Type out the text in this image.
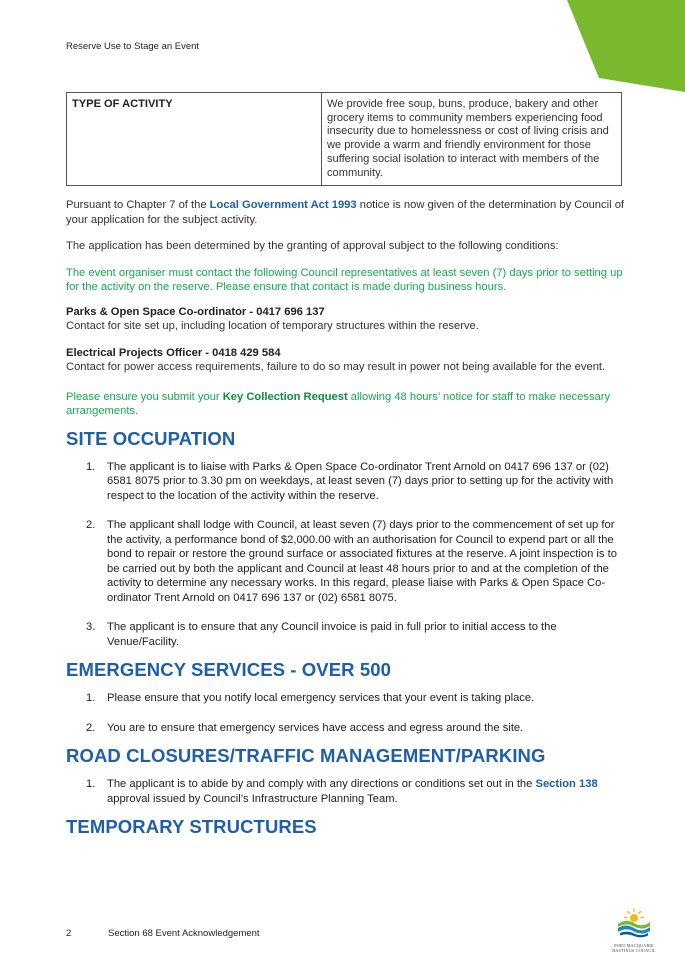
Reserve Use to Stage an Event
TYPE OF ACTIVITY	We provide free soup, buns, produce, bakery and other grocery items to community members experiencing food insecurity due to homelessness or cost of living crisis and we provide a warm and friendly environment for those suffering social isolation to interact with members of the community.

Pursuant to Chapter 7 of the Local Government Act 1993 notice is now given of the determination by Council of your application for the subject activity.

The application has been determined by the granting of approval subject to the following conditions:

The event organiser must contact the following Council representatives at least seven (7) days prior to setting up for the activity on the reserve. Please ensure that contact is made during business hours.

Parks & Open Space Co-ordinator - 0417 696 137

Contact for site set up, including location of temporary structures within the reserve.

Electrical Projects Officer - 0418 429 584

Contact for power access requirements, failure to do so may result in power not being available for the event.

Please ensure you submit your Key Collection Request allowing 48 hours’ notice for staff to make necessary arrangements.

SITE OCCUPATION
1. The applicant is to liaise with Parks & Open Space Co-ordinator Trent Arnold on 0417 696 137 or (02) 6581 8075 prior to 3.30 pm on weekdays, at least seven (7) days prior to setting up for the activity with respect to the location of the activity within the reserve.
2. The applicant shall lodge with Council, at least seven (7) days prior to the commencement of set up for the activity, a performance bond of $2,000.00 with an authorisation for Council to expend part or all the bond to repair or restore the ground surface or associated fixtures at the reserve. A joint inspection is to be carried out by both the applicant and Council at least 48 hours prior to and at the completion of the activity to determine any necessary works. In this regard, please liaise with Parks & Open Space Co-ordinator Trent Arnold on 0417 696 137 or (02) 6581 8075.
3. The applicant is to ensure that any Council invoice is paid in full prior to initial access to the Venue/Facility.
EMERGENCY SERVICES - OVER 500
1. Please ensure that you notify local emergency services that your event is taking place.
2. You are to ensure that emergency services have access and egress around the site.
ROAD CLOSURES/TRAFFIC MANAGEMENT/PARKING
1. The applicant is to abide by and comply with any directions or conditions set out in the Section 138 approval issued by Council’s Infrastructure Planning Team.
TEMPORARY STRUCTURES
2	Section 68 Event Acknowledgement
PORT MACQUARIE
HASTINGS COUNCIL
